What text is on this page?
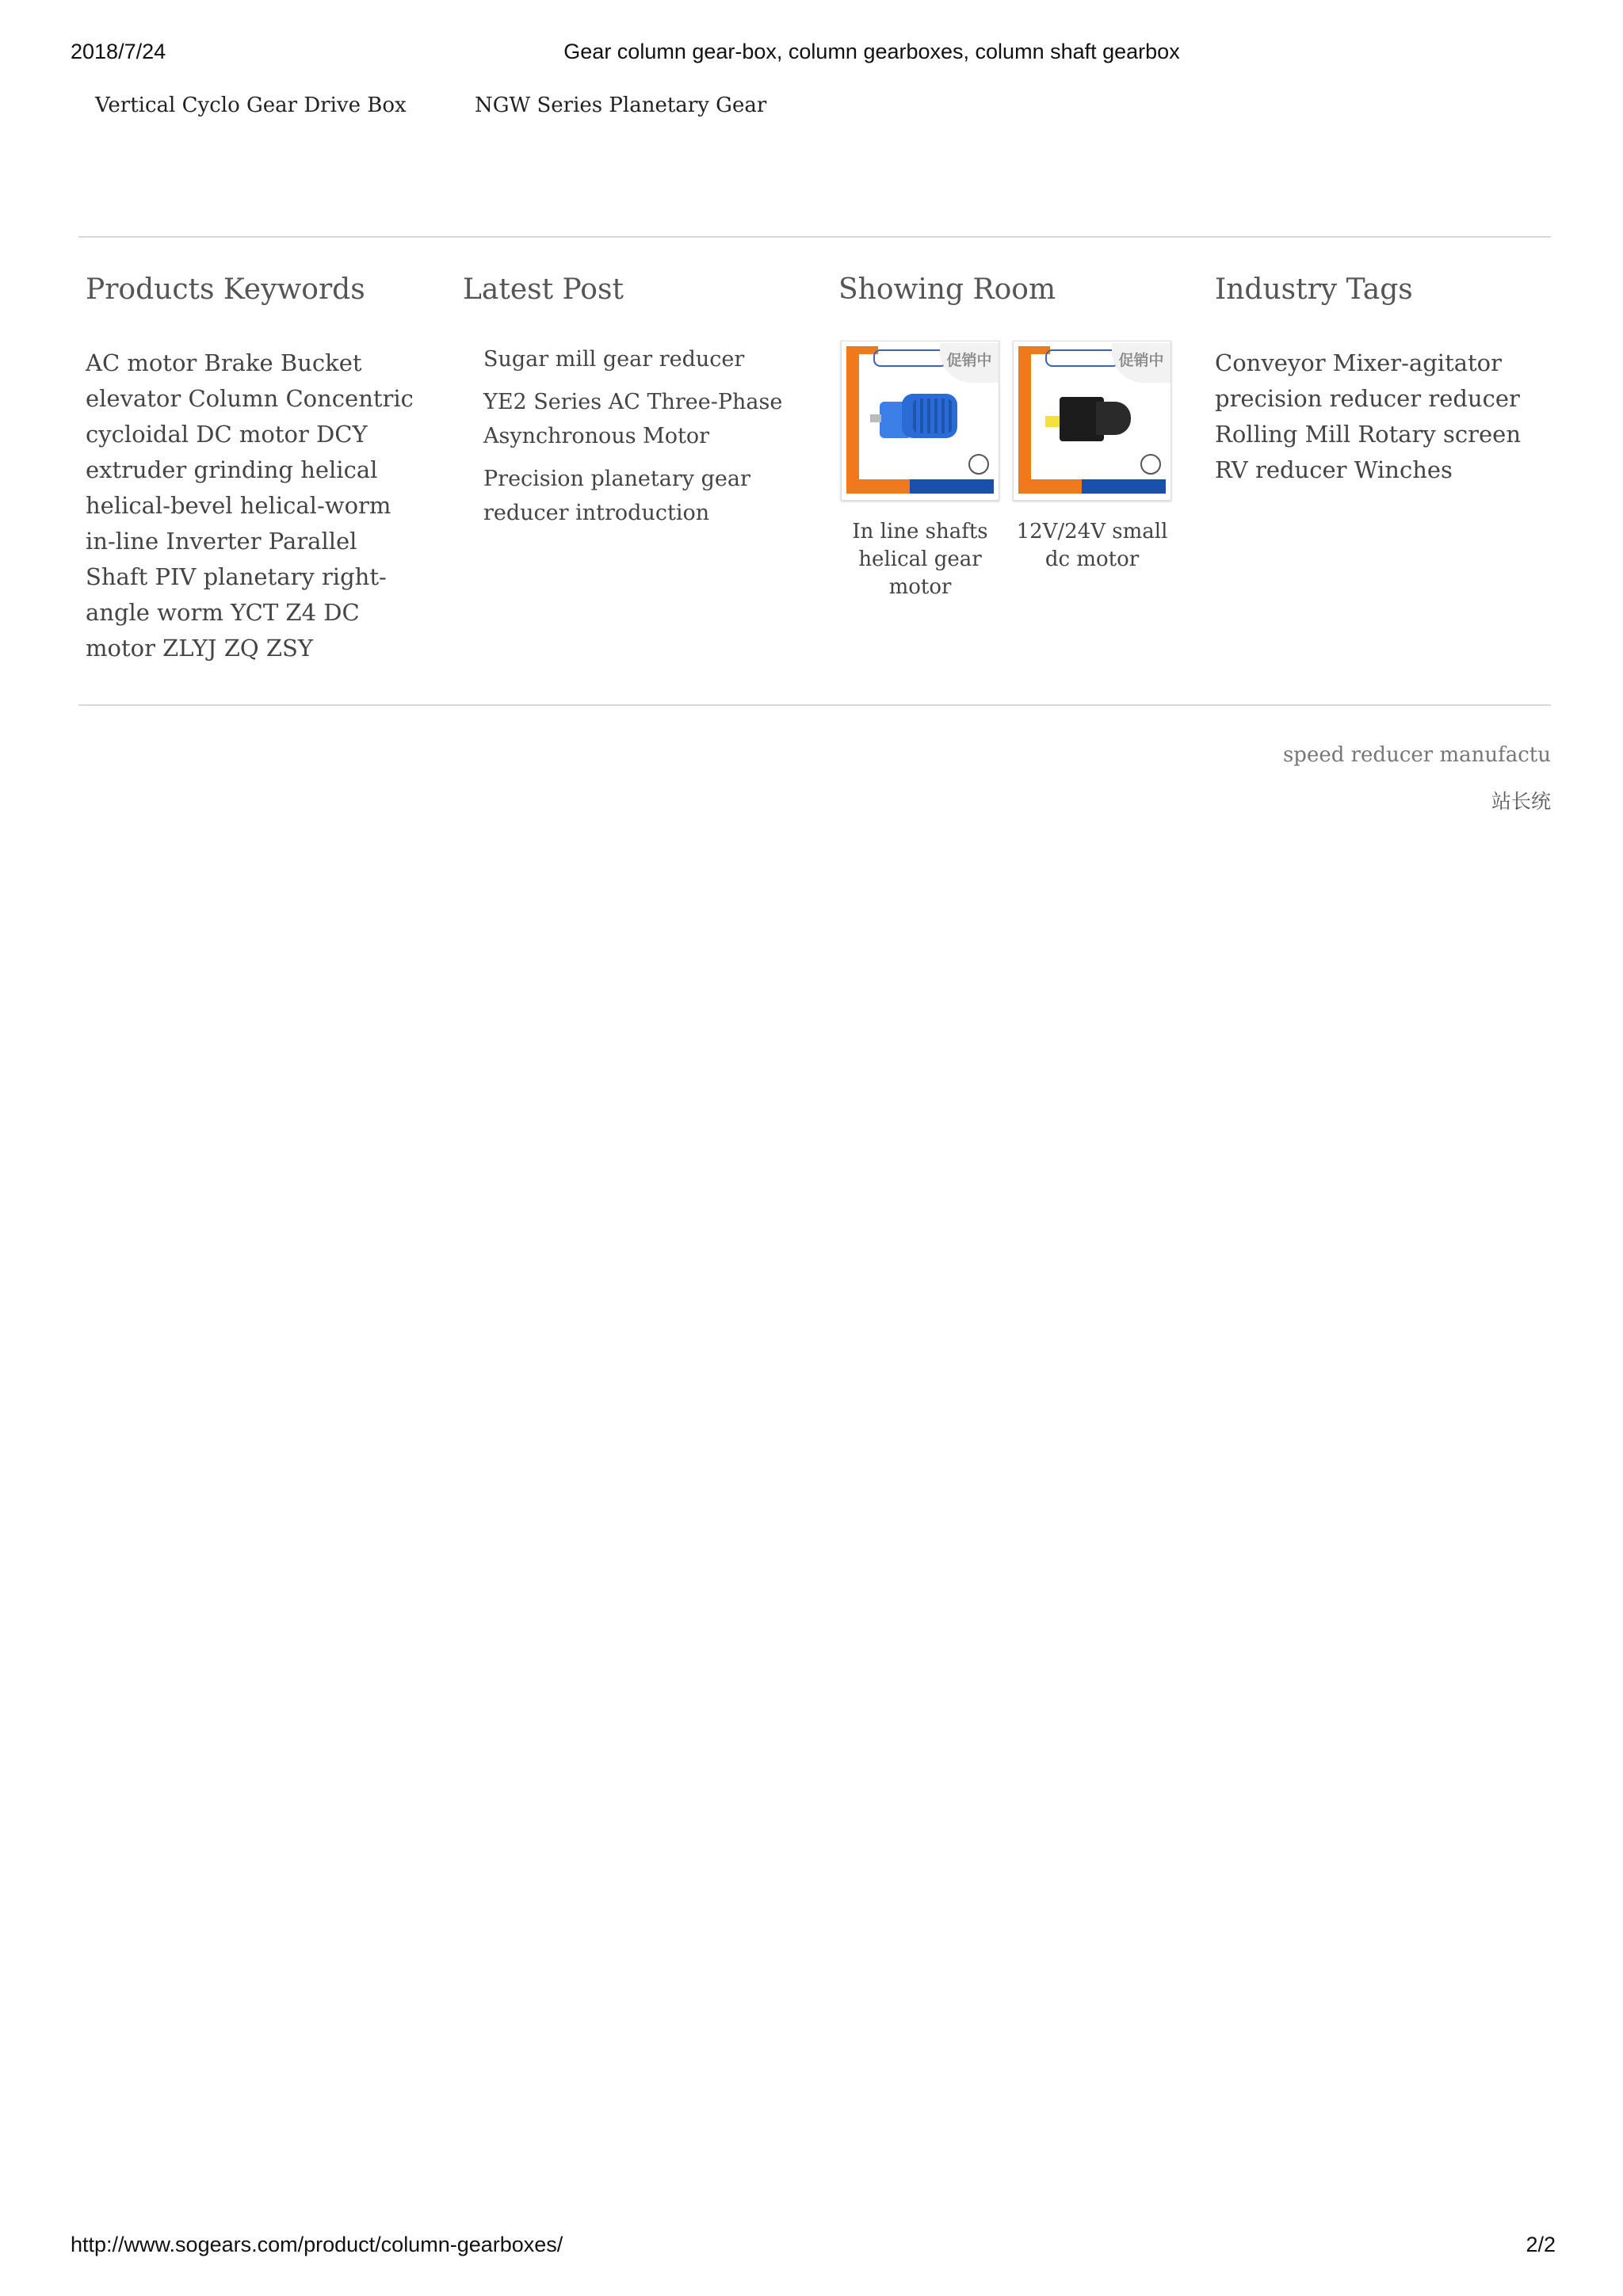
2018/7/24	Gear column gear-box, column gearboxes, column shaft gearbox
Vertical Cyclo Gear Drive Box	NGW Series Planetary Gear
Products Keywords
AC motor Brake Bucket elevator Column Concentric cycloidal DC motor DCY extruder grinding helical helical-bevel helical-worm in-line Inverter Parallel Shaft PIV planetary right-angle worm YCT Z4 DC motor ZLYJ ZQ ZSY
Latest Post
Sugar mill gear reducer
YE2 Series AC Three-Phase Asynchronous Motor
Precision planetary gear reducer introduction
Showing Room
促销中
In line shafts helical gear motor
促销中
12V/24V small dc motor
Industry Tags
Conveyor Mixer-agitator precision reducer reducer Rolling Mill Rotary screen RV reducer Winches
speed reducer manufactu
站长统
http://www.sogears.com/product/column-gearboxes/	2/2
